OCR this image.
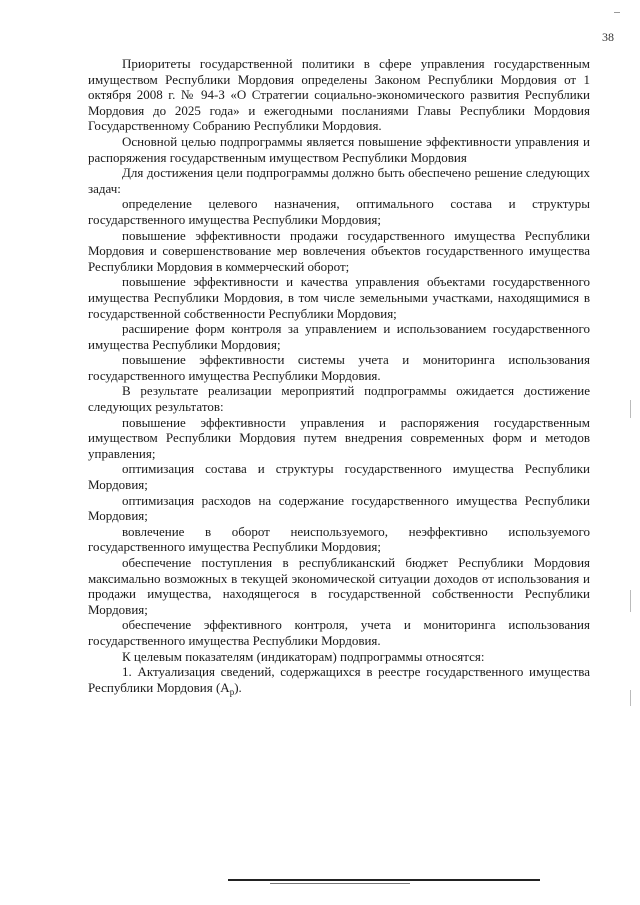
38

Приоритеты государственной политики в сфере управления государственным имуществом Республики Мордовия определены Законом Республики Мордовия от 1 октября 2008 г. № 94-З «О Стратегии социально-экономического развития Республики Мордовия до 2025 года» и ежегодными посланиями Главы Республики Мордовия Государственному Собранию Республики Мордовия.

Основной целью подпрограммы является повышение эффективности управления и распоряжения государственным имуществом Республики Мордовия

Для достижения цели подпрограммы должно быть обеспечено решение следующих задач:

определение целевого назначения, оптимального состава и структуры государственного имущества Республики Мордовия;

повышение эффективности продажи государственного имущества Республики Мордовия и совершенствование мер вовлечения объектов государственного имущества Республики Мордовия в коммерческий оборот;

повышение эффективности и качества управления объектами государственного имущества Республики Мордовия, в том числе земельными участками, находящимися в государственной собственности Республики Мордовия;

расширение форм контроля за управлением и использованием государственного имущества Республики Мордовия;

повышение эффективности системы учета и мониторинга использования государственного имущества Республики Мордовия.

В результате реализации мероприятий подпрограммы ожидается достижение следующих результатов:

повышение эффективности управления и распоряжения государственным имуществом Республики Мордовия путем внедрения современных форм и методов управления;

оптимизация состава и структуры государственного имущества Республики Мордовия;

оптимизация расходов на содержание государственного имущества Республики Мордовия;

вовлечение в оборот неиспользуемого, неэффективно используемого государственного имущества Республики Мордовия;

обеспечение поступления в республиканский бюджет Республики Мордовия максимально возможных в текущей экономической ситуации доходов от использования и продажи имущества, находящегося в государственной собственности Республики Мордовия;

обеспечение эффективного контроля, учета и мониторинга использования государственного имущества Республики Мордовия.

К целевым показателям (индикаторам) подпрограммы относятся:

1. Актуализация сведений, содержащихся в реестре государственного имущества Республики Мордовия $(A_р)$.
